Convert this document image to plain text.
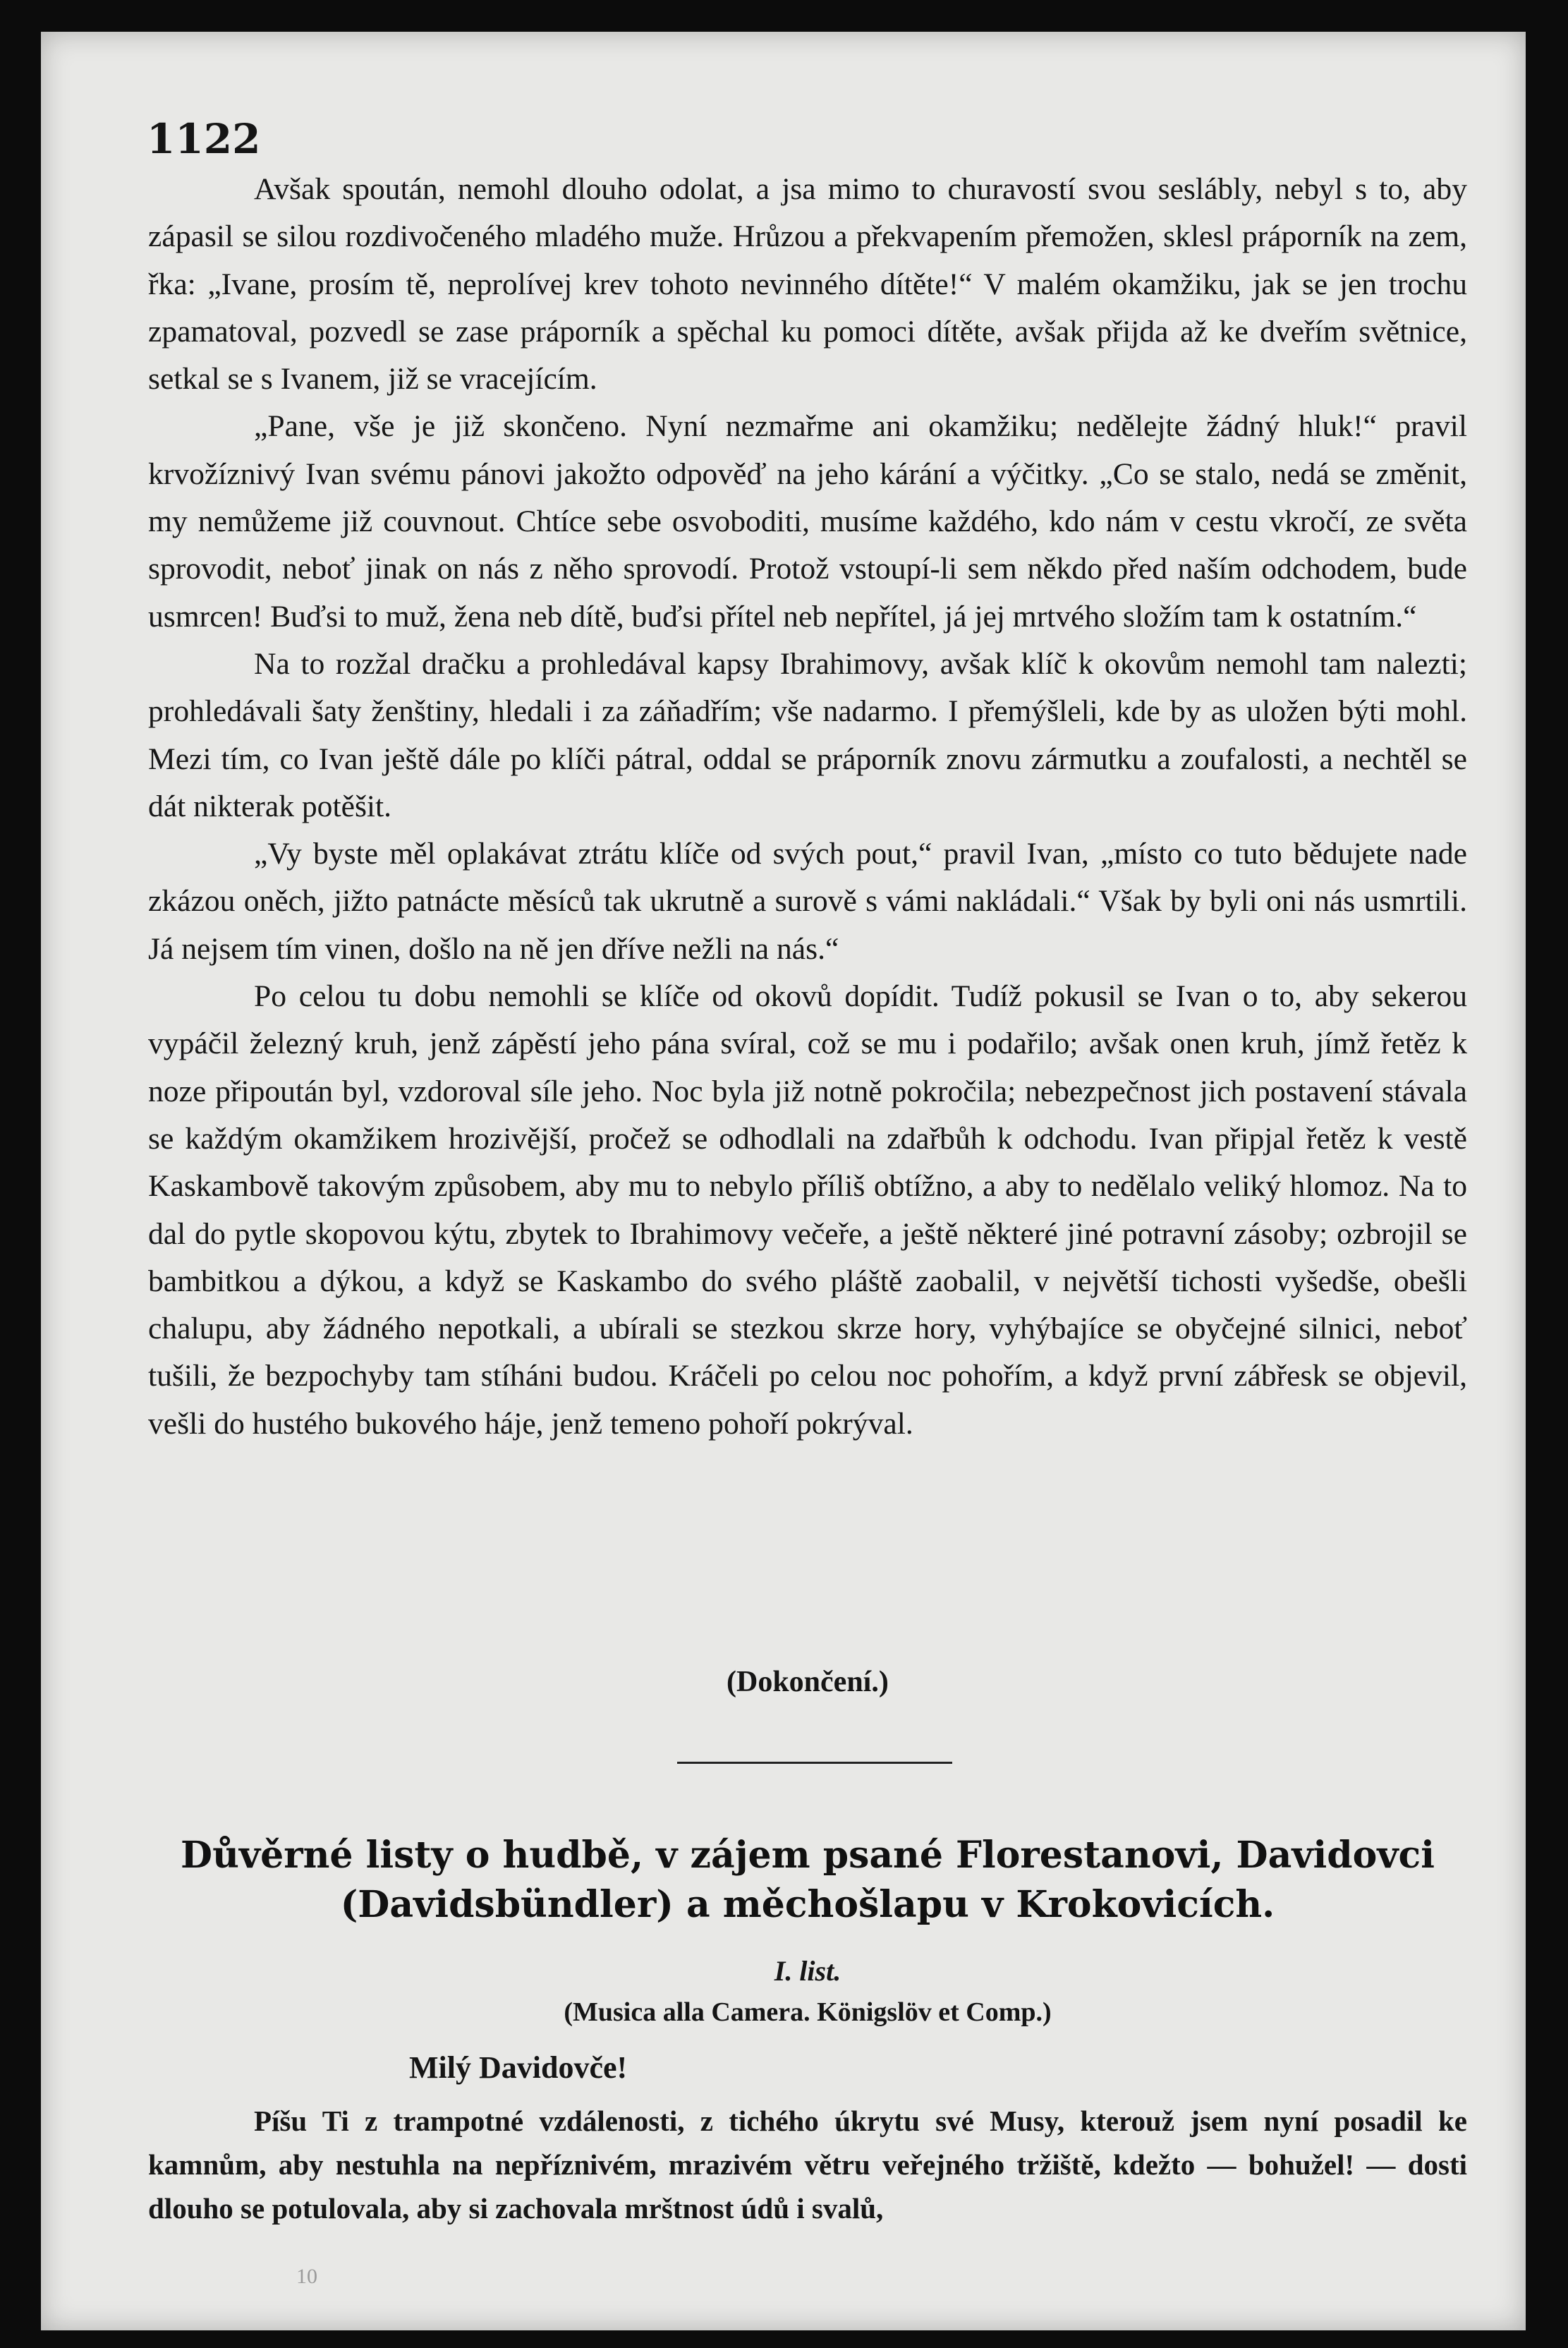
1122

Avšak spoután, nemohl dlouho odolat, a jsa mimo to churavostí svou seslábly, nebyl s to, aby zápasil se silou rozdivočeného mladého muže. Hrůzou a překvapením přemožen, sklesl práporník na zem, řka: „Ivane, prosím tě, neprolívej krev tohoto nevinného dítěte!“ V malém okamžiku, jak se jen trochu zpamatoval, pozvedl se zase práporník a spěchal ku pomoci dítěte, avšak přijda až ke dveřím světnice, setkal se s Ivanem, již se vracejícím.

„Pane, vše je již skončeno. Nyní nezmařme ani okamžiku; nedělejte žádný hluk!“ pravil krvožíznivý Ivan svému pánovi jakožto odpověď na jeho kárání a výčitky. „Co se stalo, nedá se změnit, my nemůžeme již couvnout. Chtíce sebe osvoboditi, musíme každého, kdo nám v cestu vkročí, ze světa sprovodit, neboť jinak on nás z něho sprovodí. Protož vstoupí-li sem někdo před naším odchodem, bude usmrcen! Buďsi to muž, žena neb dítě, buďsi přítel neb nepřítel, já jej mrtvého složím tam k ostatním.“

Na to rozžal dračku a prohledával kapsy Ibrahimovy, avšak klíč k okovům nemohl tam nalezti; prohledávali šaty ženštiny, hledali i za záňadřím; vše nadarmo. I přemýšleli, kde by as uložen býti mohl. Mezi tím, co Ivan ještě dále po klíči pátral, oddal se práporník znovu zármutku a zoufalosti, a nechtěl se dát nikterak potěšit.

„Vy byste měl oplakávat ztrátu klíče od svých pout,“ pravil Ivan, „místo co tuto bědujete nade zkázou oněch, jižto patnácte měsíců tak ukrutně a surově s vámi nakládali.“ Však by byli oni nás usmrtili. Já nejsem tím vinen, došlo na ně jen dříve nežli na nás.“

Po celou tu dobu nemohli se klíče od okovů dopídit. Tudíž pokusil se Ivan o to, aby sekerou vypáčil železný kruh, jenž zápěstí jeho pána svíral, což se mu i podařilo; avšak onen kruh, jímž řetěz k noze připoután byl, vzdoroval síle jeho. Noc byla již notně pokročila; nebezpečnost jich postavení stávala se každým okamžikem hrozivější, pročež se odhodlali na zdařbůh k odchodu. Ivan připjal řetěz k vestě Kaskambově takovým způsobem, aby mu to nebylo příliš obtížno, a aby to nedělalo veliký hlomoz. Na to dal do pytle skopovou kýtu, zbytek to Ibrahimovy večeře, a ještě některé jiné potravní zásoby; ozbrojil se bambitkou a dýkou, a když se Kaskambo do svého pláště zaobalil, v největší tichosti vyšedše, obešli chalupu, aby žádného nepotkali, a ubírali se stezkou skrze hory, vyhýbajíce se obyčejné silnici, neboť tušili, že bezpochyby tam stíháni budou. Kráčeli po celou noc pohořím, a když první zábřesk se objevil, vešli do hustého bukového háje, jenž temeno pohoří pokrýval.

(Dokončení.)
Důvěrné listy o hudbě, v zájem psané Florestanovi, Davidovci (Davidsbündler) a měchošlapu v Krokovicích.
I. list.
(Musica alla Camera. Königslöv et Comp.)
Milý Davidovče!

Píšu Ti z trampotné vzdálenosti, z tichého úkrytu své Musy, kterouž jsem nyní posadil ke kamnům, aby nestuhla na nepříznivém, mrazivém větru veřejného tržiště, kdežto — bohužel! — dosti dlouho se potulovala, aby si zachovala mrštnost údů i svalů,

10
